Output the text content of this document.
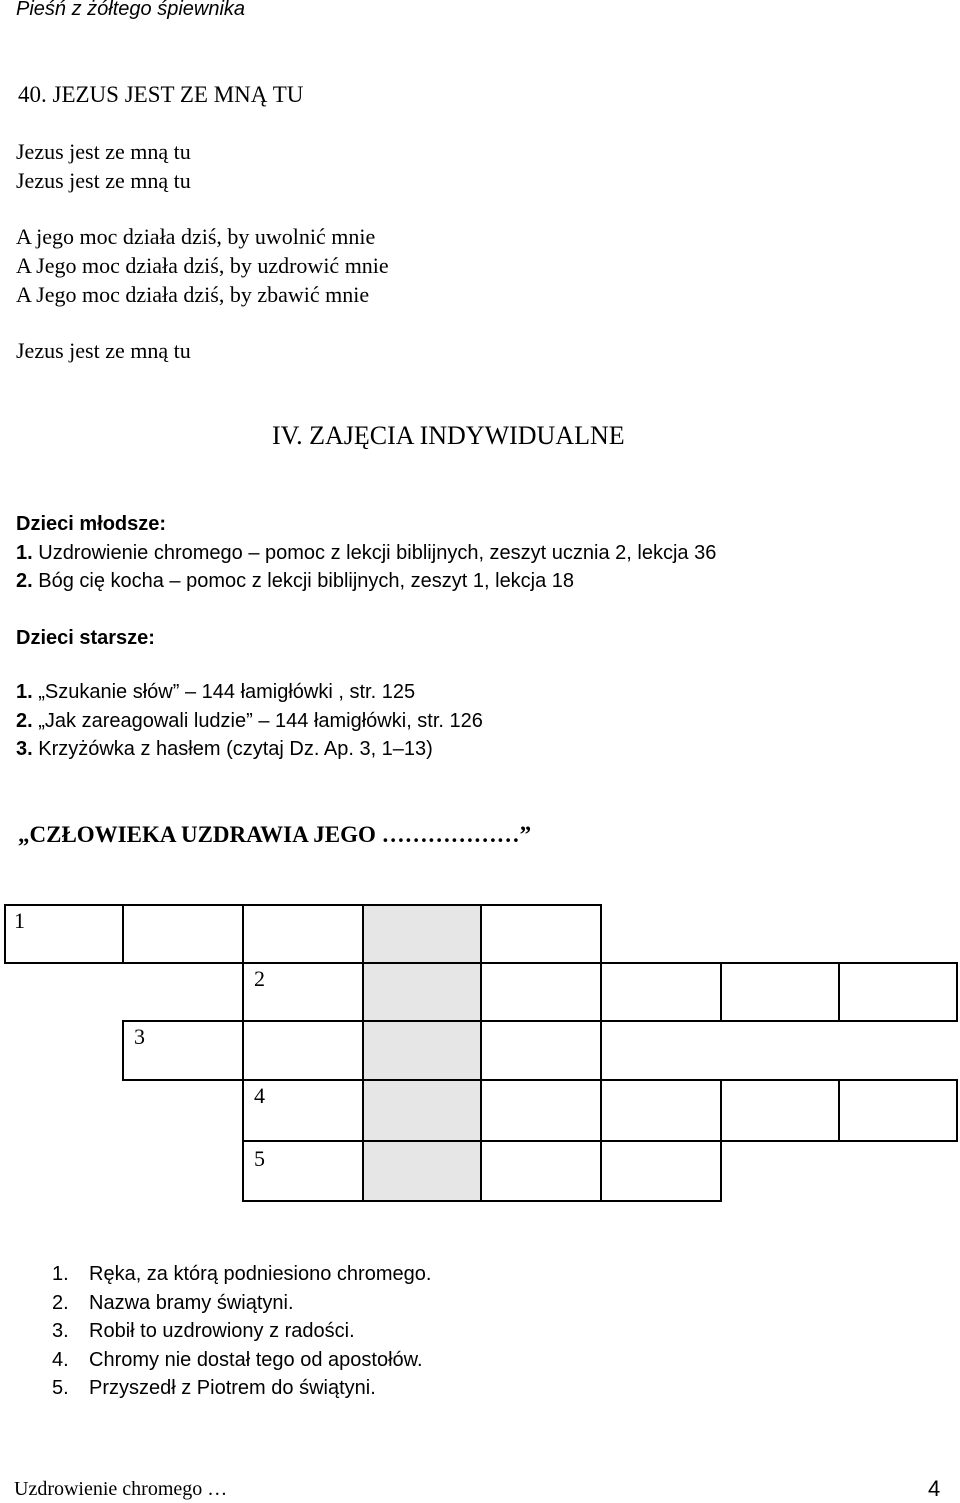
Pieśń z żółtego śpiewnika
40. JEZUS JEST ZE MNĄ TU
Jezus jest ze mną tu
Jezus jest ze mną tu
A jego moc działa dziś, by uwolnić mnie
A Jego moc działa dziś, by uzdrowić mnie
A Jego moc działa dziś, by zbawić mnie
Jezus jest ze mną tu
IV. ZAJĘCIA INDYWIDUALNE
Dzieci młodsze:
1. Uzdrowienie chromego – pomoc z lekcji biblijnych, zeszyt ucznia 2, lekcja 36
2. Bóg cię kocha – pomoc z lekcji biblijnych, zeszyt 1, lekcja 18
Dzieci starsze:
1. „Szukanie słów” – 144 łamigłówki , str. 125
2. „Jak zareagowali ludzie” – 144 łamigłówki, str. 126
3. Krzyżówka z hasłem (czytaj Dz. Ap. 3, 1–13)
„CZŁOWIEKA UZDRAWIA JEGO ………………”
1
2
3
4
5
1. Ręka, za którą podniesiono chromego.
2. Nazwa bramy świątyni.
3. Robił to uzdrowiony z radości.
4. Chromy nie dostał tego od apostołów.
5. Przyszedł z Piotrem do świątyni.
Uzdrowienie chromego …	4
